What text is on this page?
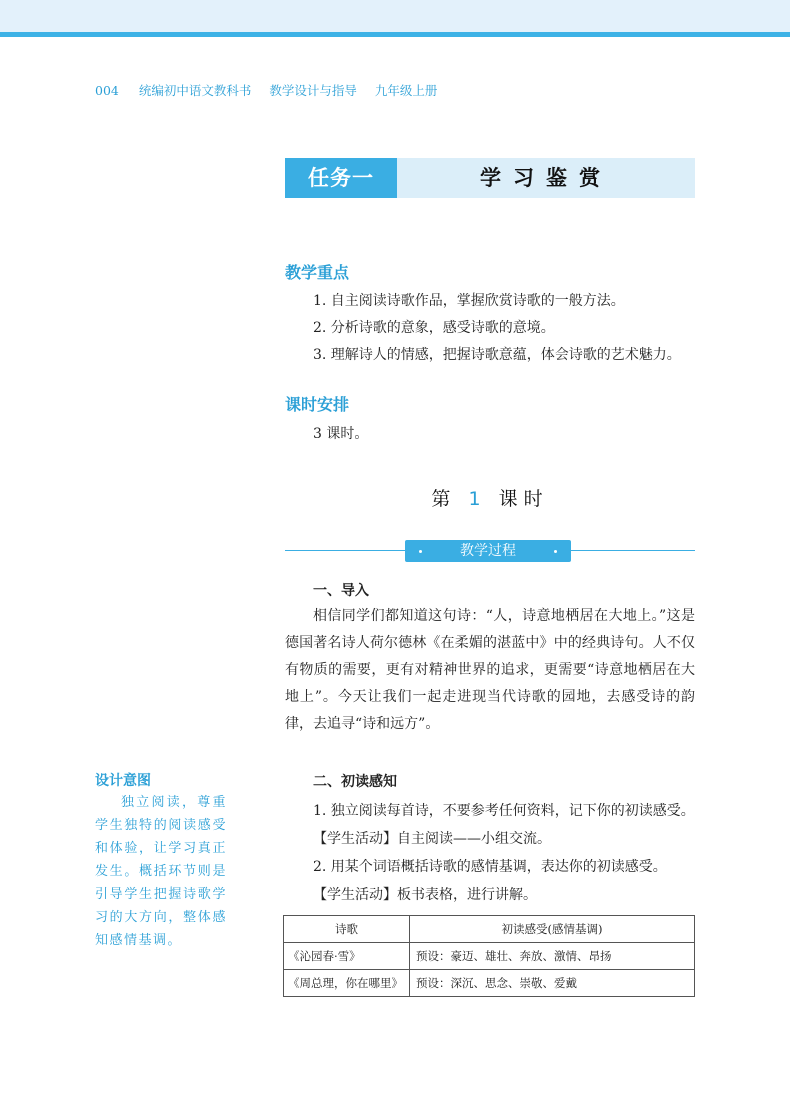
004 统编初中语文教科书 教学设计与指导 九年级上册
任务一	学习鉴赏
教学重点
1. 自主阅读诗歌作品，掌握欣赏诗歌的一般方法。
2. 分析诗歌的意象，感受诗歌的意境。
3. 理解诗人的情感，把握诗歌意蕴，体会诗歌的艺术魅力。
课时安排
3 课时。
第 1 课时
教学过程
一、导入

相信同学们都知道这句诗：“人，诗意地栖居在大地上。”这是德国著名诗人荷尔德林《在柔媚的湛蓝中》中的经典诗句。人不仅有物质的需要，更有对精神世界的追求，更需要“诗意地栖居在大地上”。今天让我们一起走进现当代诗歌的园地，去感受诗的韵律，去追寻“诗和远方”。

设计意图

独立阅读，尊重学生独特的阅读感受和体验，让学习真正发生。概括环节则是引导学生把握诗歌学习的大方向，整体感知感情基调。

二、初读感知
1. 独立阅读每首诗，不要参考任何资料，记下你的初读感受。
【学生活动】自主阅读——小组交流。
2. 用某个词语概括诗歌的感情基调，表达你的初读感受。
【学生活动】板书表格，进行讲解。
诗歌	初读感受(感情基调)
《沁园春·雪》	预设：豪迈、雄壮、奔放、激情、昂扬
《周总理，你在哪里》	预设：深沉、思念、崇敬、爱戴
